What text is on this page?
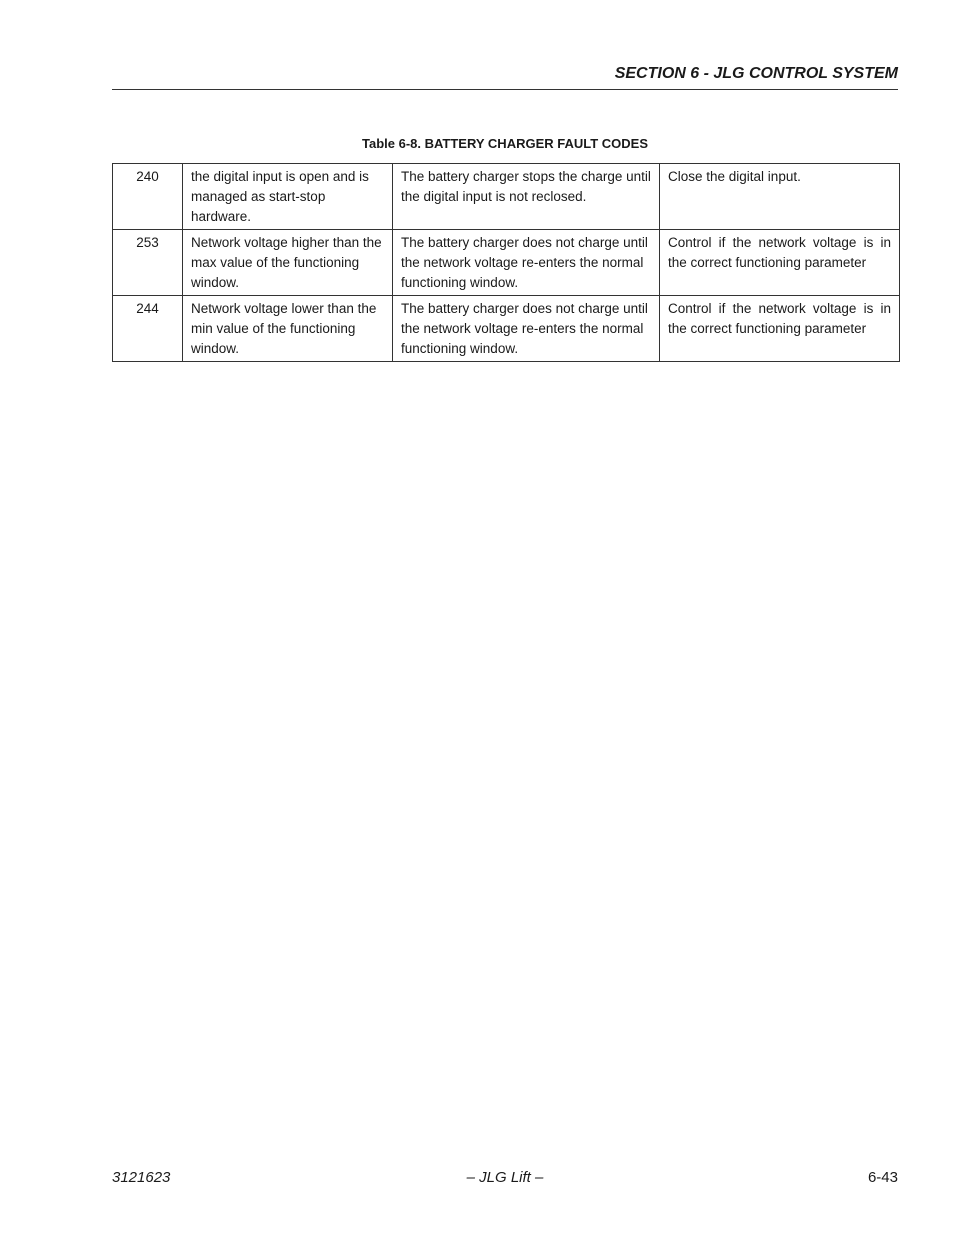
SECTION 6 - JLG CONTROL SYSTEM
Table 6-8. BATTERY CHARGER FAULT CODES
240	the digital input is open and is managed as start-stop hardware.	The battery charger stops the charge until the digital input is not reclosed.	Close the digital input.
253	Network voltage higher than the max value of the functioning window.	The battery charger does not charge until the network voltage re-enters the normal functioning window.	Control if the network voltage is in the correct functioning parameter
244	Network voltage lower than the min value of the functioning window.	The battery charger does not charge until the network voltage re-enters the normal functioning window.	Control if the network voltage is in the correct functioning parameter
– JLG Lift –
3121623	6-43
